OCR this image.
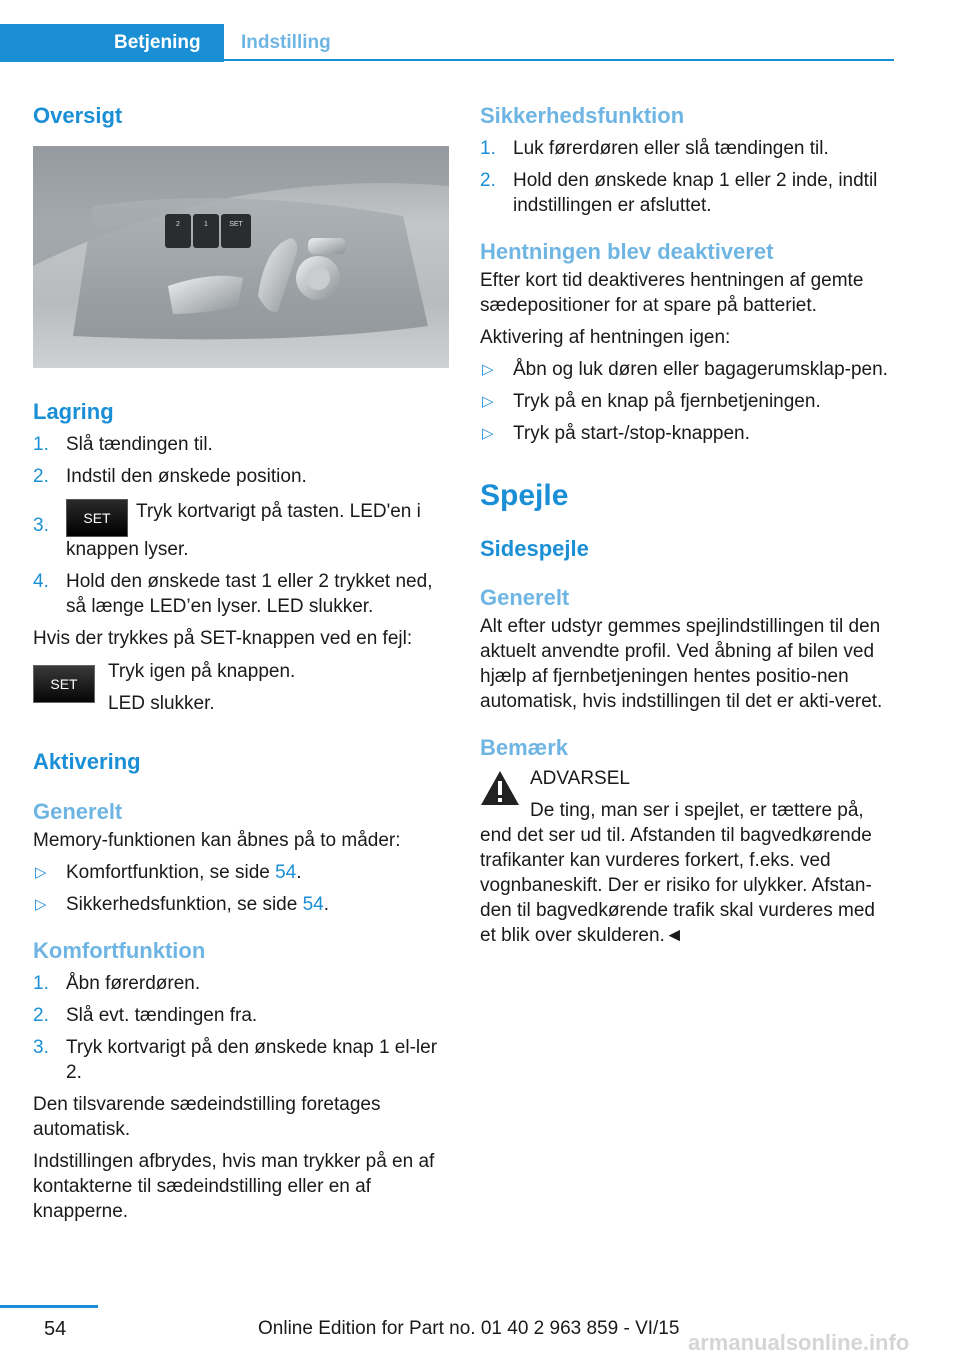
Betjening	Indstilling
Oversigt
2	1	SET
Lagring
1. Slå tændingen til.
2. Indstil den ønskede position.
3. SET Tryk kortvarigt på tasten. LED'en i knappen lyser.
4. Hold den ønskede tast 1 eller 2 trykket ned, så længe LED’en lyser. LED slukker.
Hvis der trykkes på SET-knappen ved en fejl:
SET
Tryk igen på knappen.
LED slukker.
Aktivering
Generelt
Memory-funktionen kan åbnes på to måder:
▷ Komfortfunktion, se side 54.
▷ Sikkerhedsfunktion, se side 54.
Komfortfunktion
1. Åbn førerdøren.
2. Slå evt. tændingen fra.
3. Tryk kortvarigt på den ønskede knap 1 el-ler 2.
Den tilsvarende sædeindstilling foretages automatisk.
Indstillingen afbrydes, hvis man trykker på en af kontakterne til sædeindstilling eller en af knapperne.
Sikkerhedsfunktion
1. Luk førerdøren eller slå tændingen til.
2. Hold den ønskede knap 1 eller 2 inde, indtil indstillingen er afsluttet.
Hentningen blev deaktiveret
Efter kort tid deaktiveres hentningen af gemte sædepositioner for at spare på batteriet.
Aktivering af hentningen igen:
▷ Åbn og luk døren eller bagagerumsklap-pen.
▷ Tryk på en knap på fjernbetjeningen.
▷ Tryk på start-/stop-knappen.
Spejle
Sidespejle
Generelt
Alt efter udstyr gemmes spejlindstillingen til den aktuelt anvendte profil. Ved åbning af bilen ved hjælp af fjernbetjeningen hentes positio-nen automatisk, hvis indstillingen til det er akti-veret.
Bemærk
ADVARSEL
De ting, man ser i spejlet, er tættere på,
end det ser ud til. Afstanden til bagvedkørende trafikanter kan vurderes forkert, f.eks. ved vognbaneskift. Der er risiko for ulykker. Afstan-den til bagvedkørende trafik skal vurderes med et blik over skulderen.◄
54	Online Edition for Part no. 01 40 2 963 859 - VI/15
armanualsonline.info
